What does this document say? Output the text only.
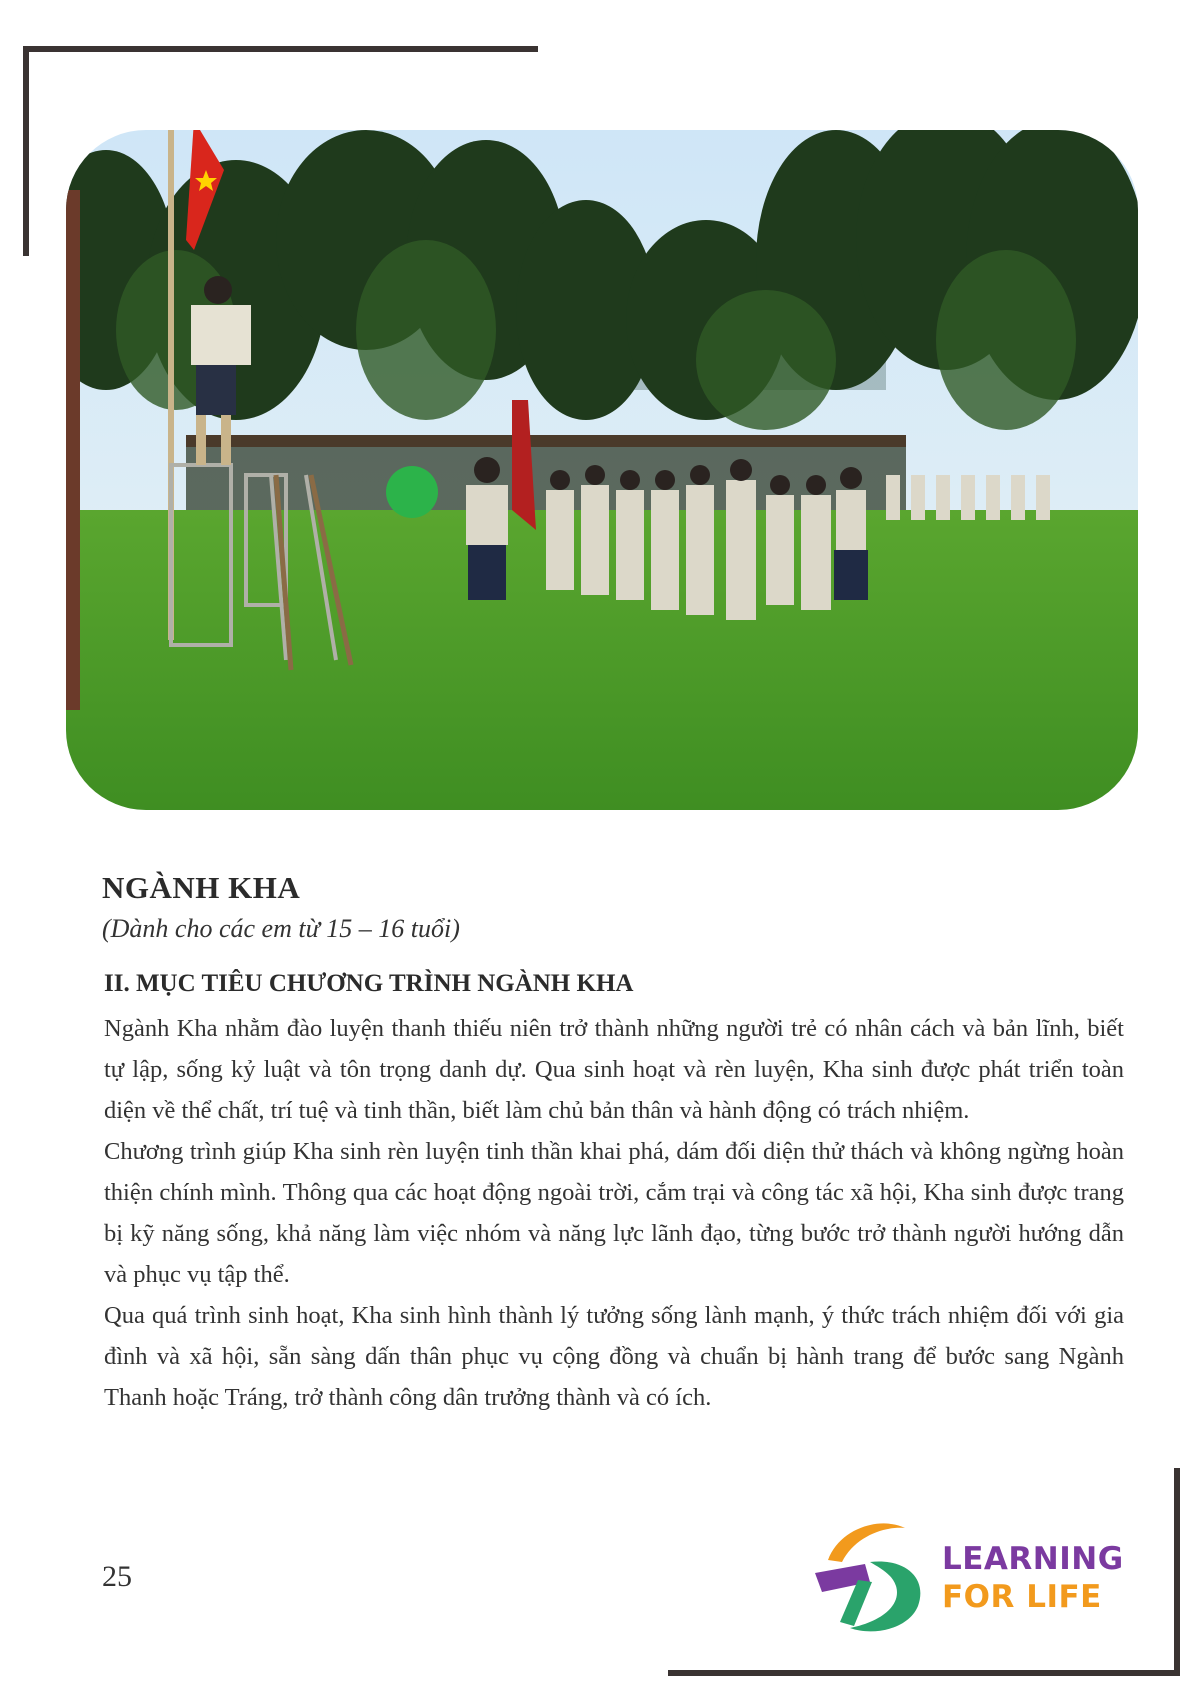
NGÀNH KHA
(Dành cho các em từ 15 – 16 tuổi)
II. MỤC TIÊU CHƯƠNG TRÌNH NGÀNH KHA

Ngành Kha nhằm đào luyện thanh thiếu niên trở thành những người trẻ có nhân cách và bản lĩnh, biết tự lập, sống kỷ luật và tôn trọng danh dự. Qua sinh hoạt và rèn luyện, Kha sinh được phát triển toàn diện về thể chất, trí tuệ và tinh thần, biết làm chủ bản thân và hành động có trách nhiệm.

Chương trình giúp Kha sinh rèn luyện tinh thần khai phá, dám đối diện thử thách và không ngừng hoàn thiện chính mình. Thông qua các hoạt động ngoài trời, cắm trại và công tác xã hội, Kha sinh được trang bị kỹ năng sống, khả năng làm việc nhóm và năng lực lãnh đạo, từng bước trở thành người hướng dẫn và phục vụ tập thể.

Qua quá trình sinh hoạt, Kha sinh hình thành lý tưởng sống lành mạnh, ý thức trách nhiệm đối với gia đình và xã hội, sẵn sàng dấn thân phục vụ cộng đồng và chuẩn bị hành trang để bước sang Ngành Thanh hoặc Tráng, trở thành công dân trưởng thành và có ích.

25	LEARNING
FOR LIFE
